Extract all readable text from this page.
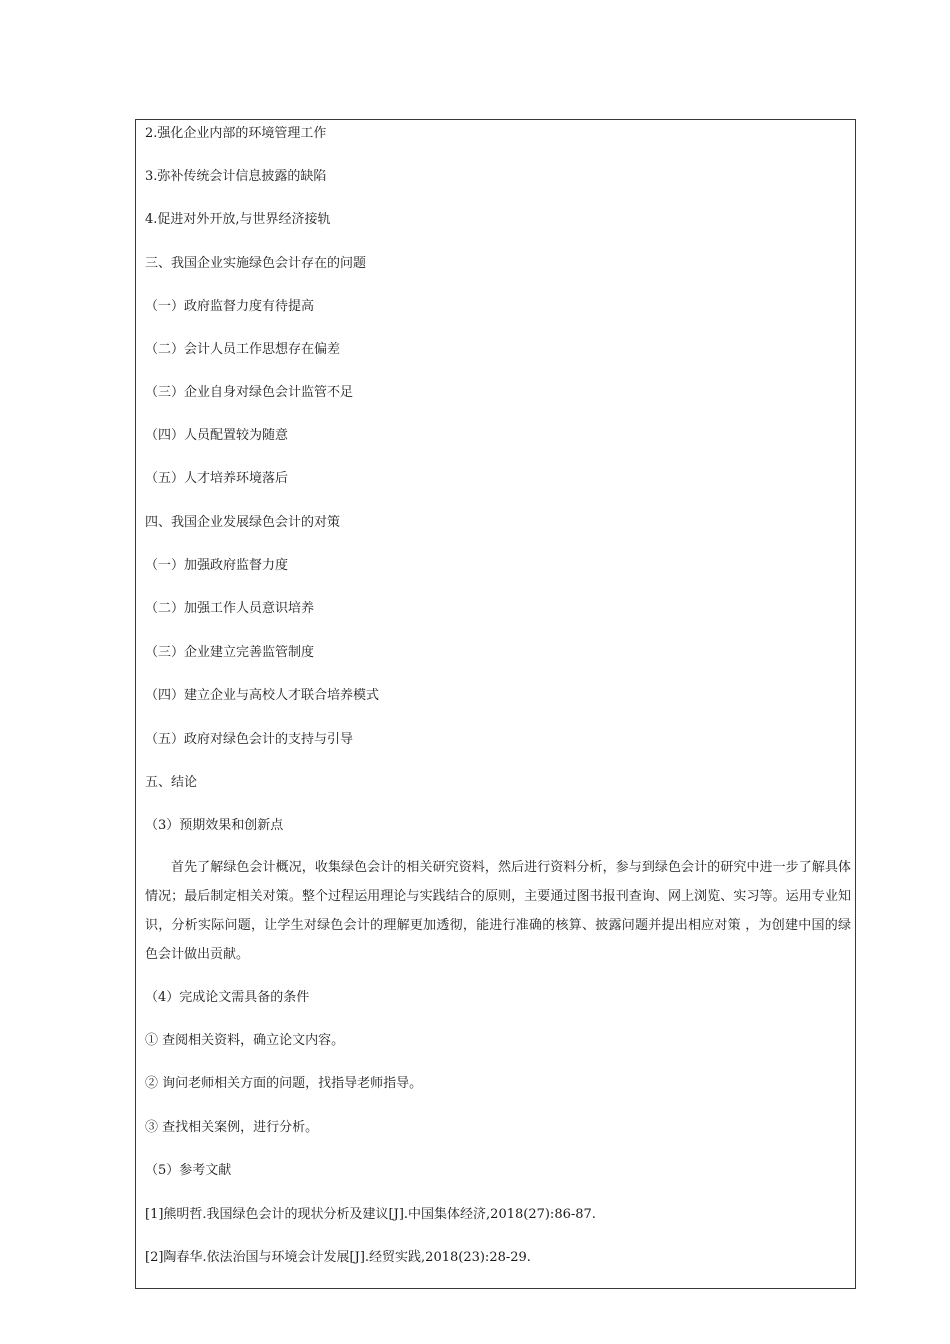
2.强化企业内部的环境管理工作
3.弥补传统会计信息披露的缺陷
4.促进对外开放,与世界经济接轨
三、我国企业实施绿色会计存在的问题
（一）政府监督力度有待提高
（二）会计人员工作思想存在偏差
（三）企业自身对绿色会计监管不足
（四）人员配置较为随意
（五）人才培养环境落后
四、我国企业发展绿色会计的对策
（一）加强政府监督力度
（二）加强工作人员意识培养
（三）企业建立完善监管制度
（四）建立企业与高校人才联合培养模式
（五）政府对绿色会计的支持与引导
五、结论
（3）预期效果和创新点
首先了解绿色会计概况，收集绿色会计的相关研究资料，然后进行资料分析，参与到绿色会计的研究中进一步了解具体情况；最后制定相关对策。整个过程运用理论与实践结合的原则，主要通过图书报刊查询、网上浏览、实习等。运用专业知识，分析实际问题，让学生对绿色会计的理解更加透彻，能进行准确的核算、披露问题并提出相应对策 ，为创建中国的绿色会计做出贡献。
（4）完成论文需具备的条件
① 查阅相关资料，确立论文内容。
② 询问老师相关方面的问题，找指导老师指导。
③ 查找相关案例，进行分析。
（5）参考文献
[1]熊明哲.我国绿色会计的现状分析及建议[J].中国集体经济,2018(27):86-87.
[2]陶春华.依法治国与环境会计发展[J].经贸实践,2018(23):28-29.
